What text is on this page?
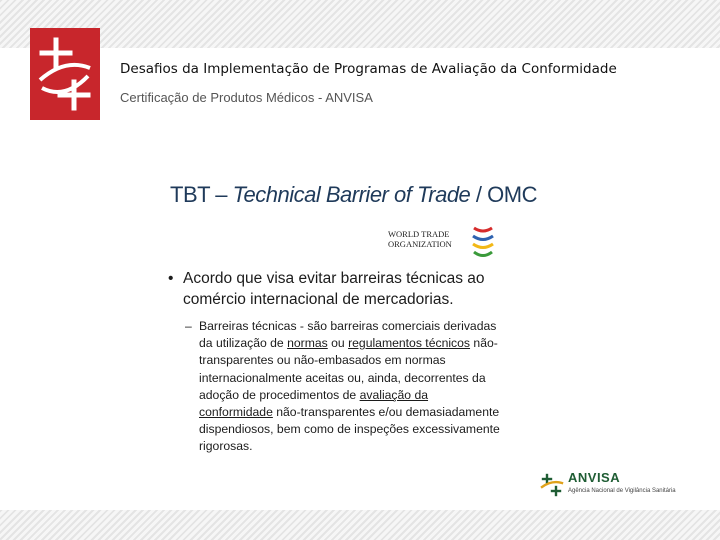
Desafios da Implementação de Programas de Avaliação da Conformidade
Certificação de Produtos Médicos - ANVISA
TBT – Technical Barrier of Trade / OMC
WORLD TRADE
ORGANIZATION
• Acordo que visa evitar barreiras técnicas ao comércio internacional de mercadorias.
– Barreiras técnicas - são barreiras comerciais derivadas da utilização de normas ou regulamentos técnicos não-transparentes ou não-embasados em normas internacionalmente aceitas ou, ainda, decorrentes da adoção de procedimentos de avaliação da conformidade não-transparentes e/ou demasiadamente dispendiosos, bem como de inspeções excessivamente rigorosas.
ANVISA
Agência Nacional de Vigilância Sanitária
